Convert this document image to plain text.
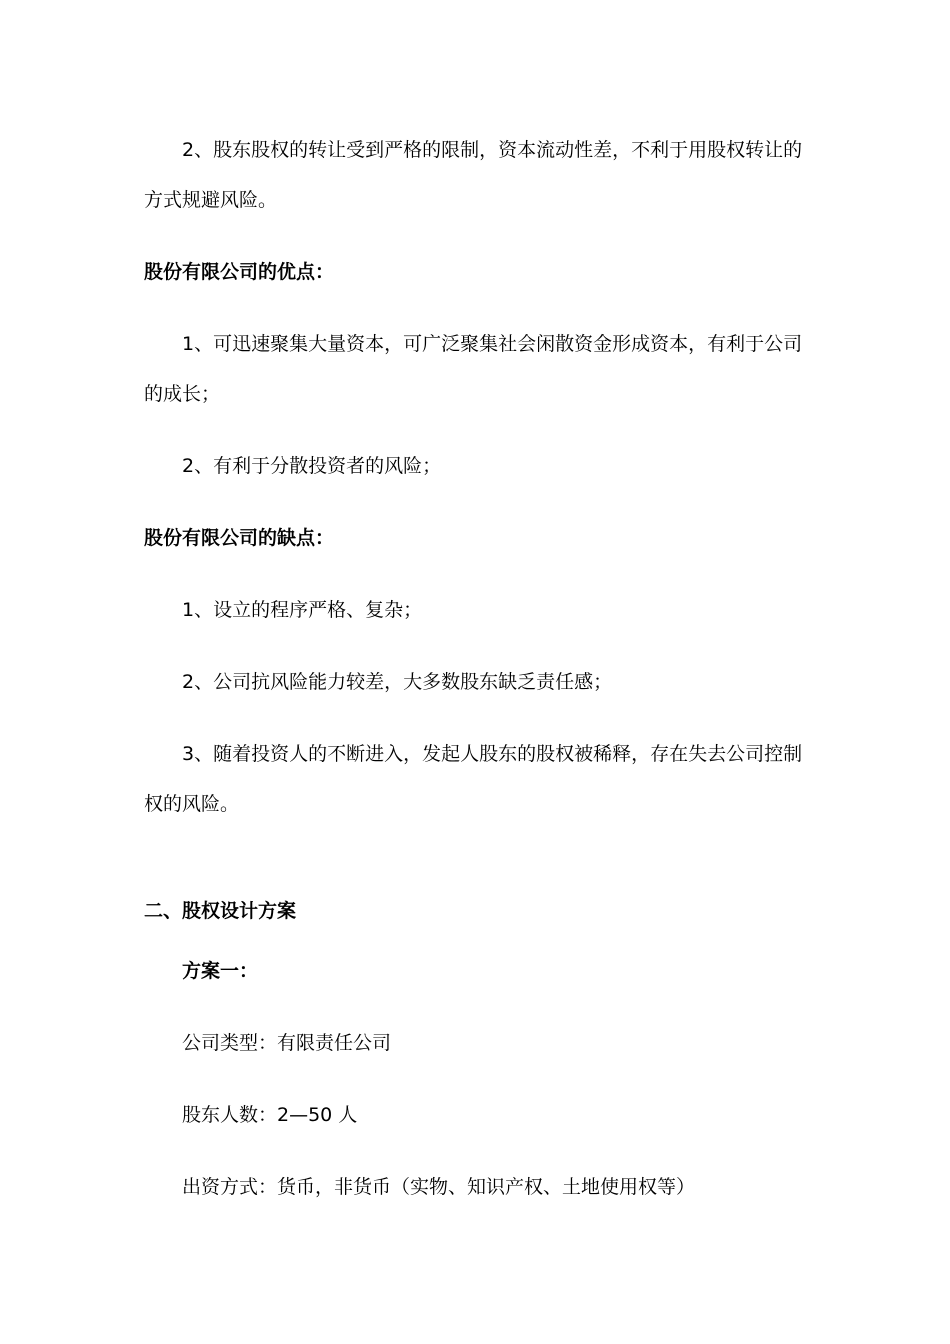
2、股东股权的转让受到严格的限制，资本流动性差，不利于用股权转让的

方式规避风险。

股份有限公司的优点：

1、可迅速聚集大量资本，可广泛聚集社会闲散资金形成资本，有利于公司

的成长；

2、有利于分散投资者的风险；

股份有限公司的缺点：

1、设立的程序严格、复杂；

2、公司抗风险能力较差，大多数股东缺乏责任感；

3、随着投资人的不断进入，发起人股东的股权被稀释，存在失去公司控制

权的风险。

二、股权设计方案

方案一：

公司类型：有限责任公司

股东人数：2—50 人

出资方式：货币，非货币（实物、知识产权、土地使用权等）
